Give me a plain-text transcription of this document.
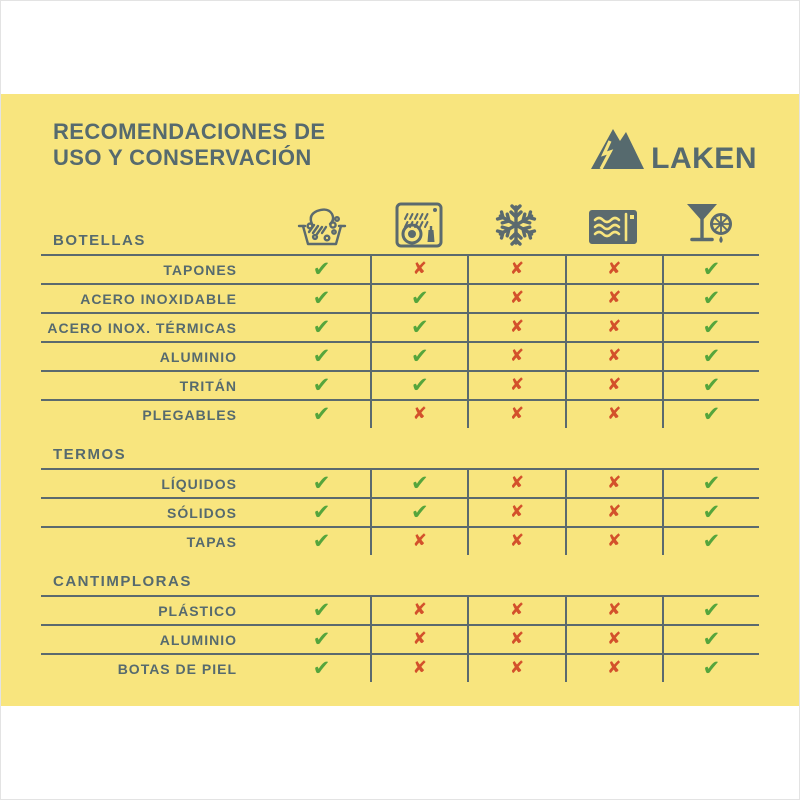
RECOMENDACIONES DE
USO Y CONSERVACIÓN	LAKEN
BOTELLAS
TAPONES	✔	✘	✘	✘	✔
ACERO INOXIDABLE	✔	✔	✘	✘	✔
ACERO INOX. TÉRMICAS	✔	✔	✘	✘	✔
ALUMINIO	✔	✔	✘	✘	✔
TRITÁN	✔	✔	✘	✘	✔
PLEGABLES	✔	✘	✘	✘	✔
TERMOS
LÍQUIDOS	✔	✔	✘	✘	✔
SÓLIDOS	✔	✔	✘	✘	✔
TAPAS	✔	✘	✘	✘	✔
CANTIMPLORAS
PLÁSTICO	✔	✘	✘	✘	✔
ALUMINIO	✔	✘	✘	✘	✔
BOTAS DE PIEL	✔	✘	✘	✘	✔
